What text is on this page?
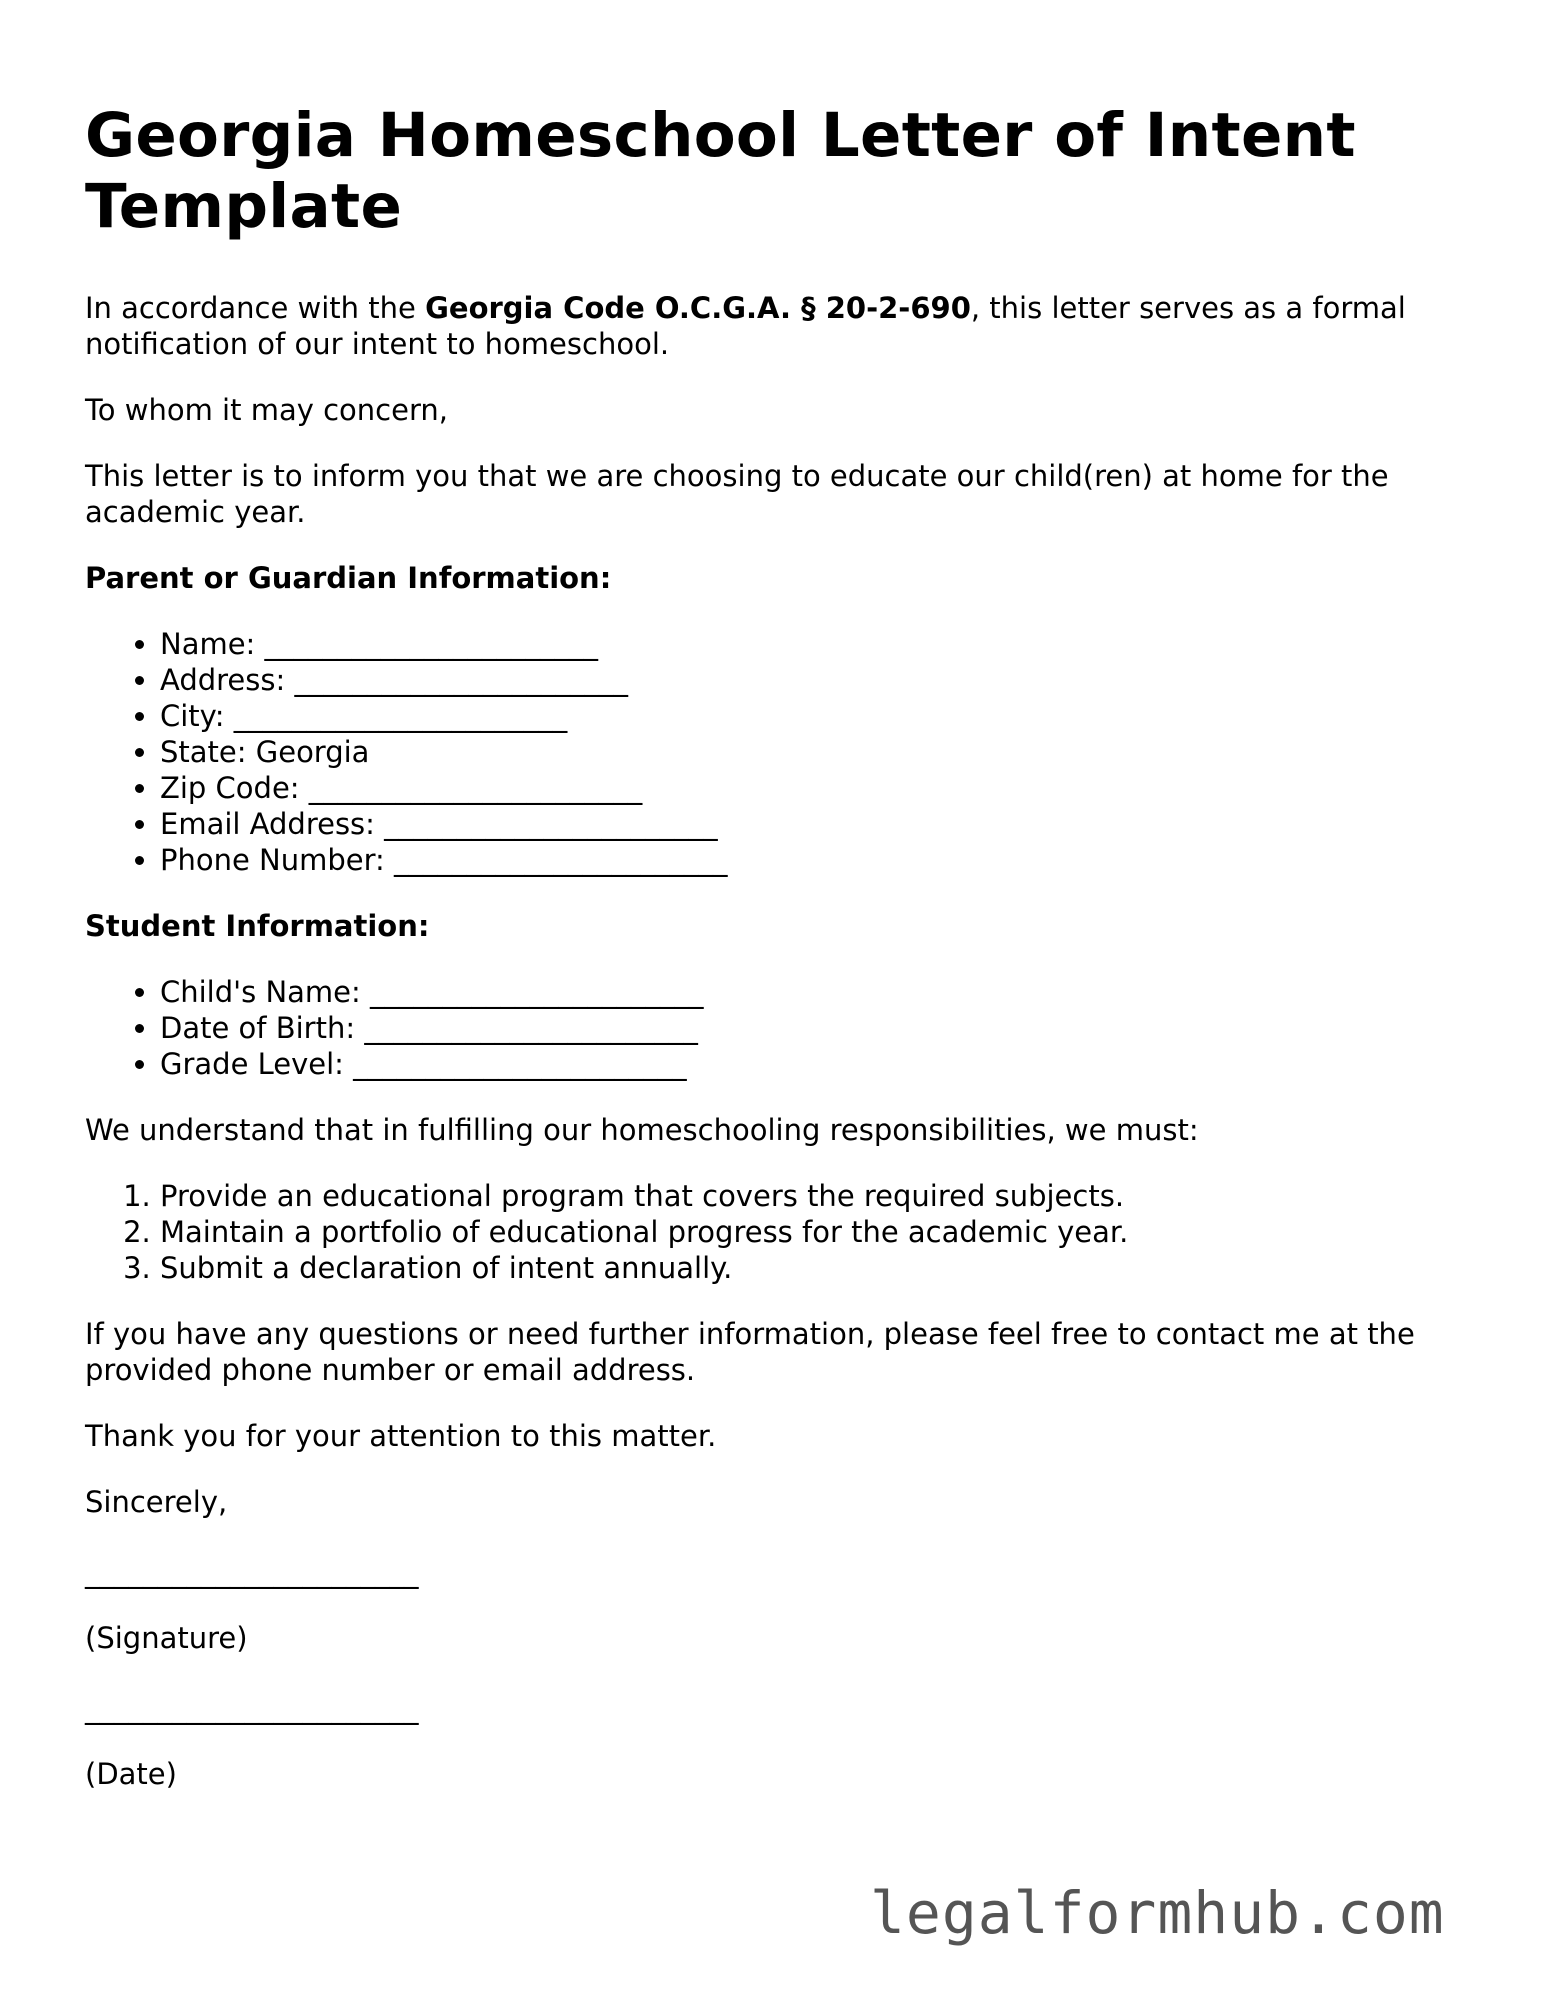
Georgia Homeschool Letter of Intent Template

In accordance with the Georgia Code O.C.G.A. § 20-2-690, this letter serves as a formal notification of our intent to homeschool.

To whom it may concern,

This letter is to inform you that we are choosing to educate our child(ren) at home for the academic year.

Parent or Guardian Information:
• Name: _______________________
• Address: _______________________
• City: _______________________
• State: Georgia
• Zip Code: _______________________
• Email Address: _______________________
• Phone Number: _______________________
Student Information:
• Child's Name: _______________________
• Date of Birth: _______________________
• Grade Level: _______________________

We understand that in fulfilling our homeschooling responsibilities, we must:

1. Provide an educational program that covers the required subjects.
2. Maintain a portfolio of educational progress for the academic year.
3. Submit a declaration of intent annually.

If you have any questions or need further information, please feel free to contact me at the provided phone number or email address.

Thank you for your attention to this matter.

Sincerely,

_______________________

(Signature)

_______________________

(Date)

legalformhub.com
